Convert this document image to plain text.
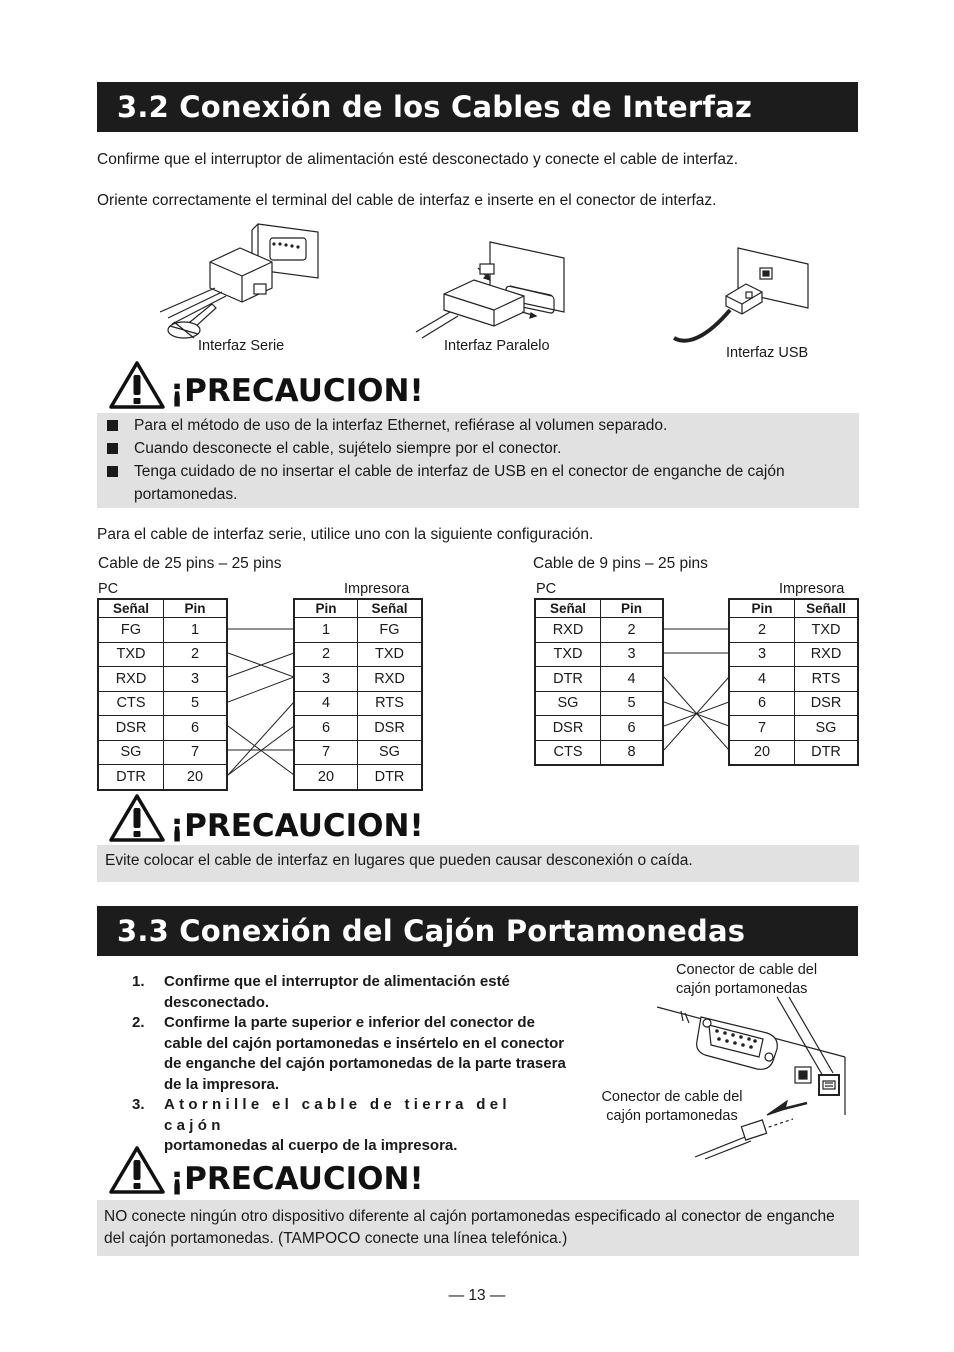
3.2 Conexión de los Cables de Interfaz
Confirme que el interruptor de alimentación esté desconectado y conecte el cable de interfaz.
Oriente correctamente el terminal del cable de interfaz e inserte en el conector de interfaz.
Interfaz Serie	Interfaz Paralelo	Interfaz USB
¡PRECAUCION!
Para el método de uso de la interfaz Ethernet, refiérase al volumen separado.
Cuando desconecte el cable, sujételo siempre por el conector.
Tenga cuidado de no insertar el cable de interfaz de USB en el conector de enganche de cajón portamonedas.
Para el cable de interfaz serie, utilice uno con la siguiente configuración.
Cable de 25 pins – 25 pins
PC	Impresora
Señal	Pin
FG	1
TXD	2
RXD	3
CTS	5
DSR	6
SG	7
DTR	20
Pin	Señal
1	FG
2	TXD
3	RXD
4	RTS
6	DSR
7	SG
20	DTR
Cable de 9 pins – 25 pins
PC	Impresora
Señal	Pin
RXD	2
TXD	3
DTR	4
SG	5
DSR	6
CTS	8
Pin	Señall
2	TXD
3	RXD
4	RTS
6	DSR
7	SG
20	DTR
¡PRECAUCION!
Evite colocar el cable de interfaz en lugares que pueden causar desconexión o caída.
3.3 Conexión del Cajón Portamonedas
1. Confirme que el interruptor de alimentación esté desconectado.
2. Confirme la parte superior e inferior del conector de cable del cajón portamonedas e insértelo en el conector de enganche del cajón portamonedas de la parte trasera de la impresora.
3. Atornille el cable de tierra del cajón
portamonedas al cuerpo de la impresora.
Conector de cable del
cajón portamonedas
Conector de cable del
cajón portamonedas
¡PRECAUCION!
NO conecte ningún otro dispositivo diferente al cajón portamonedas especificado al conector de enganche del cajón portamonedas. (TAMPOCO conecte una línea telefónica.)
— 13 —
